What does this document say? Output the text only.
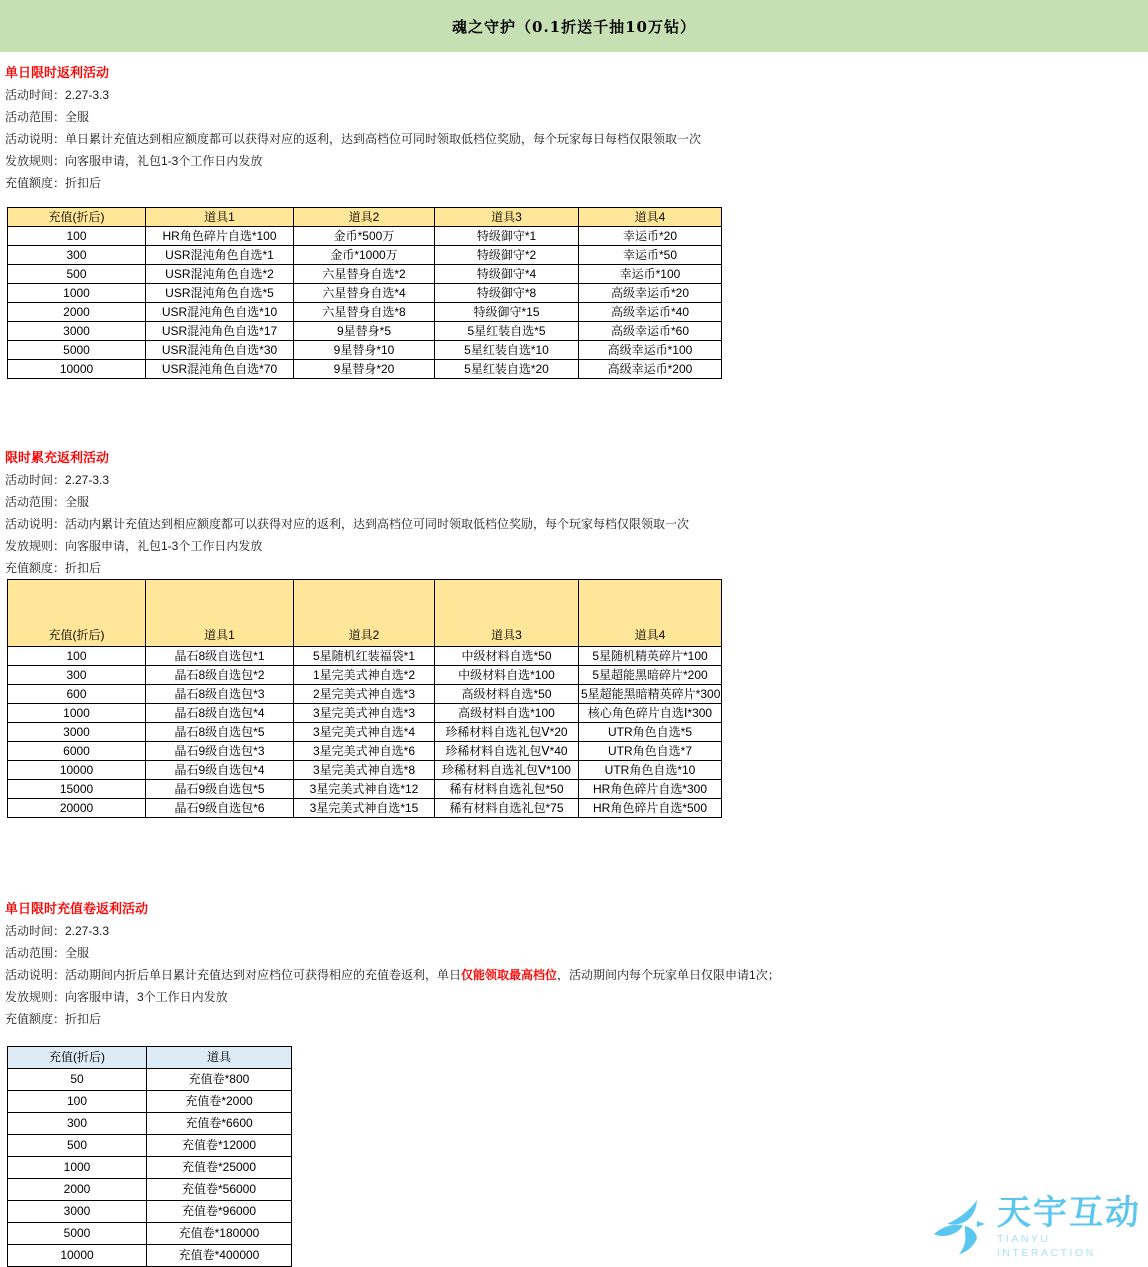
魂之守护（0.1折送千抽10万钻）
单日限时返利活动
活动时间：2.27-3.3
活动范围：全服
活动说明：单日累计充值达到相应额度都可以获得对应的返利，达到高档位可同时领取低档位奖励，每个玩家每日每档仅限领取一次
发放规则：向客服申请，礼包1-3个工作日内发放
充值额度：折扣后
充值(折后)	道具1	道具2	道具3	道具4
100	HR角色碎片自选*100	金币*500万	特级御守*1	幸运币*20
300	USR混沌角色自选*1	金币*1000万	特级御守*2	幸运币*50
500	USR混沌角色自选*2	六星替身自选*2	特级御守*4	幸运币*100
1000	USR混沌角色自选*5	六星替身自选*4	特级御守*8	高级幸运币*20
2000	USR混沌角色自选*10	六星替身自选*8	特级御守*15	高级幸运币*40
3000	USR混沌角色自选*17	9星替身*5	5星红装自选*5	高级幸运币*60
5000	USR混沌角色自选*30	9星替身*10	5星红装自选*10	高级幸运币*100
10000	USR混沌角色自选*70	9星替身*20	5星红装自选*20	高级幸运币*200
限时累充返利活动
活动时间：2.27-3.3
活动范围：全服
活动说明：活动内累计充值达到相应额度都可以获得对应的返利，达到高档位可同时领取低档位奖励，每个玩家每档仅限领取一次
发放规则：向客服申请，礼包1-3个工作日内发放
充值额度：折扣后
充值(折后)	道具1	道具2	道具3	道具4
100	晶石8级自选包*1	5星随机红装福袋*1	中级材料自选*50	5星随机精英碎片*100
300	晶石8级自选包*2	1星完美式神自选*2	中级材料自选*100	5星超能黑暗碎片*200
600	晶石8级自选包*3	2星完美式神自选*3	高级材料自选*50	5星超能黑暗精英碎片*300
1000	晶石8级自选包*4	3星完美式神自选*3	高级材料自选*100	核心角色碎片自选Ⅰ*300
3000	晶石8级自选包*5	3星完美式神自选*4	珍稀材料自选礼包Ⅴ*20	UTR角色自选*5
6000	晶石9级自选包*3	3星完美式神自选*6	珍稀材料自选礼包Ⅴ*40	UTR角色自选*7
10000	晶石9级自选包*4	3星完美式神自选*8	珍稀材料自选礼包Ⅴ*100	UTR角色自选*10
15000	晶石9级自选包*5	3星完美式神自选*12	稀有材料自选礼包*50	HR角色碎片自选*300
20000	晶石9级自选包*6	3星完美式神自选*15	稀有材料自选礼包*75	HR角色碎片自选*500
单日限时充值卷返利活动
活动时间：2.27-3.3
活动范围：全服
活动说明：活动期间内折后单日累计充值达到对应档位可获得相应的充值卷返利，单日仅能领取最高档位，活动期间内每个玩家单日仅限申请1次；
发放规则：向客服申请，3个工作日内发放
充值额度：折扣后
充值(折后)	道具
50	充值卷*800
100	充值卷*2000
300	充值卷*6600
500	充值卷*12000
1000	充值卷*25000
2000	充值卷*56000
3000	充值卷*96000
5000	充值卷*180000
10000	充值卷*400000
天宇互动
TIANYU INTERACTION
